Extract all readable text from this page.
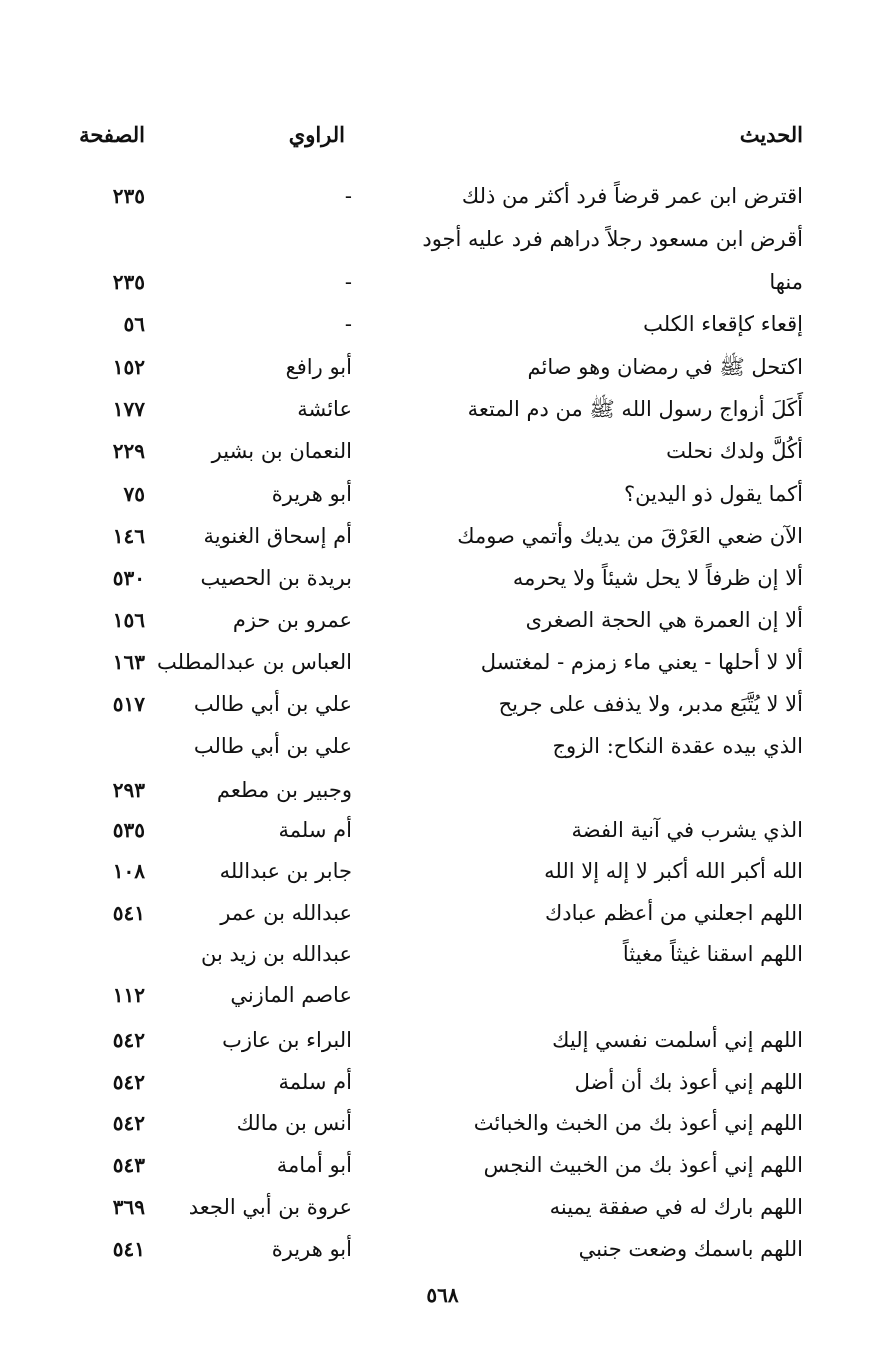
الحديث
الراوي
الصفحة
اقترض ابن عمر قرضاً فرد أكثر من ذلك
-
٢٣٥
أقرض ابن مسعود رجلاً دراهم فرد عليه أجود
منها
-
٢٣٥
إقعاء كإقعاء الكلب
-
٥٦
اكتحل ﷺ في رمضان وهو صائم
أبو رافع
١٥٢
أَكَلَ أزواج رسول الله ﷺ من دم المتعة
عائشة
١٧٧
أكُلَّ ولدك نحلت
النعمان بن بشير
٢٢٩
أكما يقول ذو اليدين؟
أبو هريرة
٧٥
الآن ضعي العَرْقَ من يديك وأتمي صومك
أم إسحاق الغنوية
١٤٦
ألا إن ظرفاً لا يحل شيئاً ولا يحرمه
بريدة بن الحصيب
٥٣٠
ألا إن العمرة هي الحجة الصغرى
عمرو بن حزم
١٥٦
ألا لا أحلها - يعني ماء زمزم - لمغتسل
العباس بن عبدالمطلب
١٦٣
ألا لا يُتَّبَع مدبر، ولا يذفف على جريح
علي بن أبي طالب
٥١٧
الذي بيده عقدة النكاح: الزوج
علي بن أبي طالب
وجبير بن مطعم
٢٩٣
الذي يشرب في آنية الفضة
أم سلمة
٥٣٥
الله أكبر الله أكبر لا إله إلا الله
جابر بن عبدالله
١٠٨
اللهم اجعلني من أعظم عبادك
عبدالله بن عمر
٥٤١
اللهم اسقنا غيثاً مغيثاً
عبدالله بن زيد بن
عاصم المازني
١١٢
اللهم إني أسلمت نفسي إليك
البراء بن عازب
٥٤٢
اللهم إني أعوذ بك أن أضل
أم سلمة
٥٤٢
اللهم إني أعوذ بك من الخبث والخبائث
أنس بن مالك
٥٤٢
اللهم إني أعوذ بك من الخبيث النجس
أبو أمامة
٥٤٣
اللهم بارك له في صفقة يمينه
عروة بن أبي الجعد
٣٦٩
اللهم باسمك وضعت جنبي
أبو هريرة
٥٤١
٥٦٨
